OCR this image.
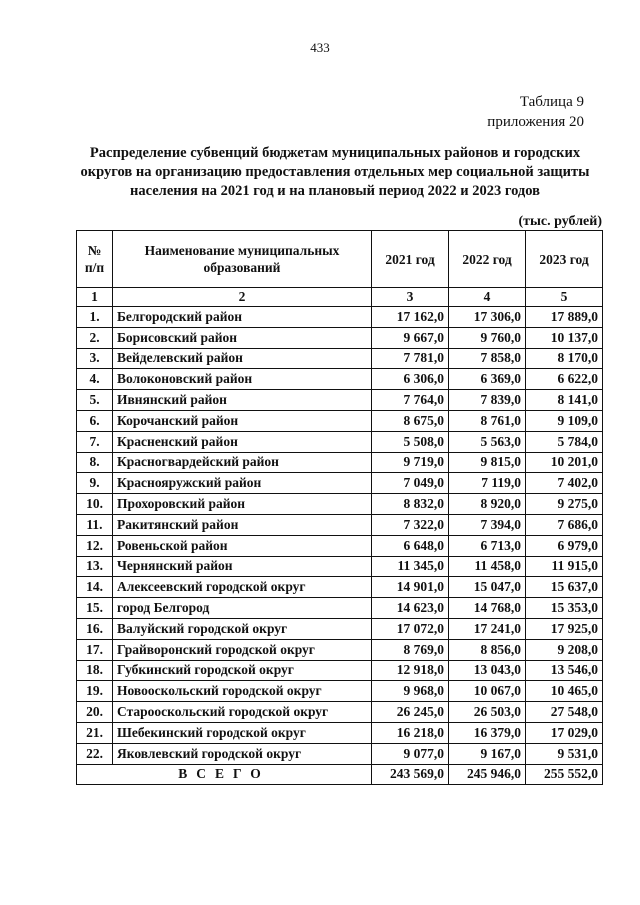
433
Таблица 9
приложения 20
Распределение субвенций бюджетам муниципальных районов и городских округов на организацию предоставления отдельных мер социальной защиты населения на 2021 год и на плановый период 2022 и 2023 годов
(тыс. рублей)
№ п/п	Наименование муниципальных образований	2021 год	2022 год	2023 год
1	2	3	4	5
1.	Белгородский район	17 162,0	17 306,0	17 889,0
2.	Борисовский район	9 667,0	9 760,0	10 137,0
3.	Вейделевский район	7 781,0	7 858,0	8 170,0
4.	Волоконовский район	6 306,0	6 369,0	6 622,0
5.	Ивнянский район	7 764,0	7 839,0	8 141,0
6.	Корочанский район	8 675,0	8 761,0	9 109,0
7.	Красненский район	5 508,0	5 563,0	5 784,0
8.	Красногвардейский район	9 719,0	9 815,0	10 201,0
9.	Краснояружский район	7 049,0	7 119,0	7 402,0
10.	Прохоровский район	8 832,0	8 920,0	9 275,0
11.	Ракитянский район	7 322,0	7 394,0	7 686,0
12.	Ровеньской район	6 648,0	6 713,0	6 979,0
13.	Чернянский район	11 345,0	11 458,0	11 915,0
14.	Алексеевский городской округ	14 901,0	15 047,0	15 637,0
15.	город Белгород	14 623,0	14 768,0	15 353,0
16.	Валуйский городской округ	17 072,0	17 241,0	17 925,0
17.	Грайворонский городской округ	8 769,0	8 856,0	9 208,0
18.	Губкинский городской округ	12 918,0	13 043,0	13 546,0
19.	Новооскольский городской округ	9 968,0	10 067,0	10 465,0
20.	Старооскольский городской округ	26 245,0	26 503,0	27 548,0
21.	Шебекинский городской округ	16 218,0	16 379,0	17 029,0
22.	Яковлевский городской округ	9 077,0	9 167,0	9 531,0
ВСЕГО		243 569,0	245 946,0	255 552,0
